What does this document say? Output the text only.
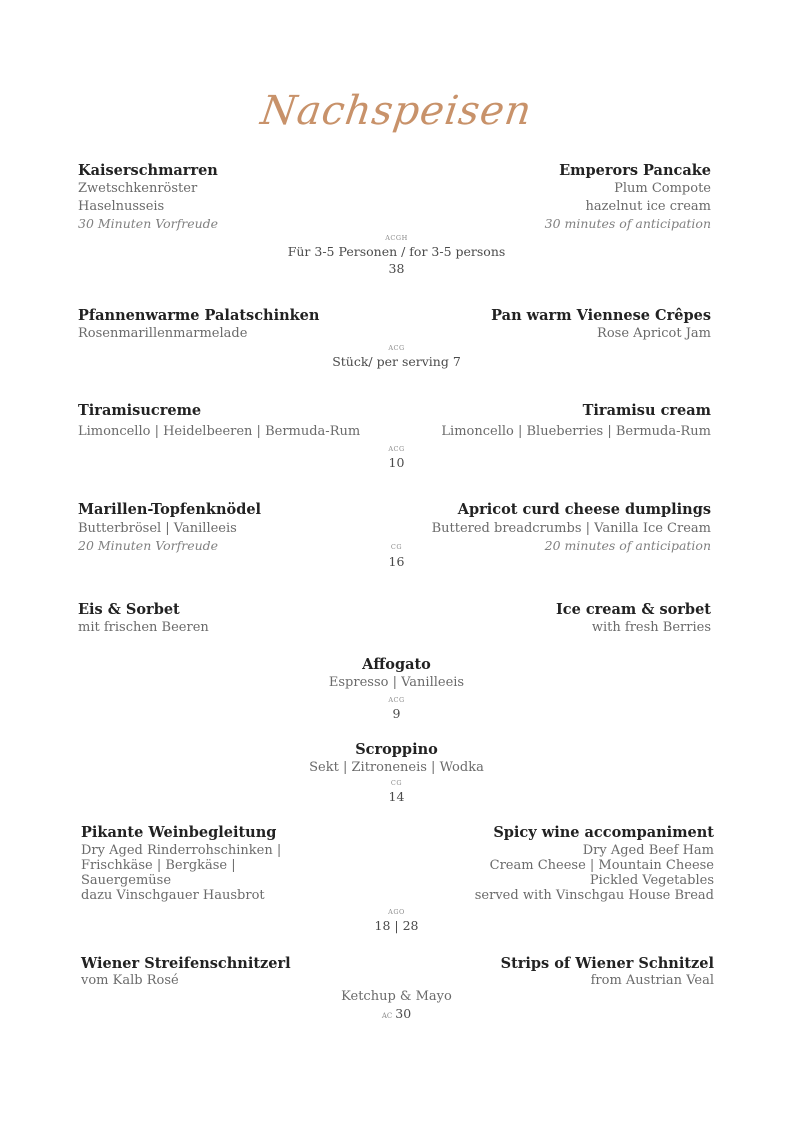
Nachspeisen
Kaiserschmarren
Zwetschkenröster
Haselnusseis
30 Minuten Vorfreude
Emperors Pancake
Plum Compote
hazelnut ice cream
30 minutes of anticipation
ACGH
Für 3-5 Personen / for 3-5 persons
38
Pfannenwarme Palatschinken
Rosenmarillenmarmelade
Pan warm Viennese Crêpes
Rose Apricot Jam
ACG
Stück/ per serving 7
Tiramisucreme
Limoncello | Heidelbeeren | Bermuda-Rum
Tiramisu cream
Limoncello | Blueberries | Bermuda-Rum
ACG
10
Marillen-Topfenknödel
Butterbrösel | Vanilleeis
20 Minuten Vorfreude
Apricot curd cheese dumplings
Buttered breadcrumbs | Vanilla Ice Cream
20 minutes of anticipation
CG
16
Eis & Sorbet
mit frischen Beeren
Ice cream & sorbet
with fresh Berries
Affogato
Espresso | Vanilleeis
ACG
9
Scroppino
Sekt | Zitroneneis | Wodka
CG
14
Pikante Weinbegleitung
Dry Aged Rinderrohschinken |
Frischkäse | Bergkäse |
Sauergemüse
dazu Vinschgauer Hausbrot
Spicy wine accompaniment
Dry Aged Beef Ham
Cream Cheese | Mountain Cheese
Pickled Vegetables
served with Vinschgau House Bread
AGO
18 | 28
Wiener Streifenschnitzerl
vom Kalb Rosé
Strips of Wiener Schnitzel
from Austrian Veal
Ketchup & Mayo
AC 30
